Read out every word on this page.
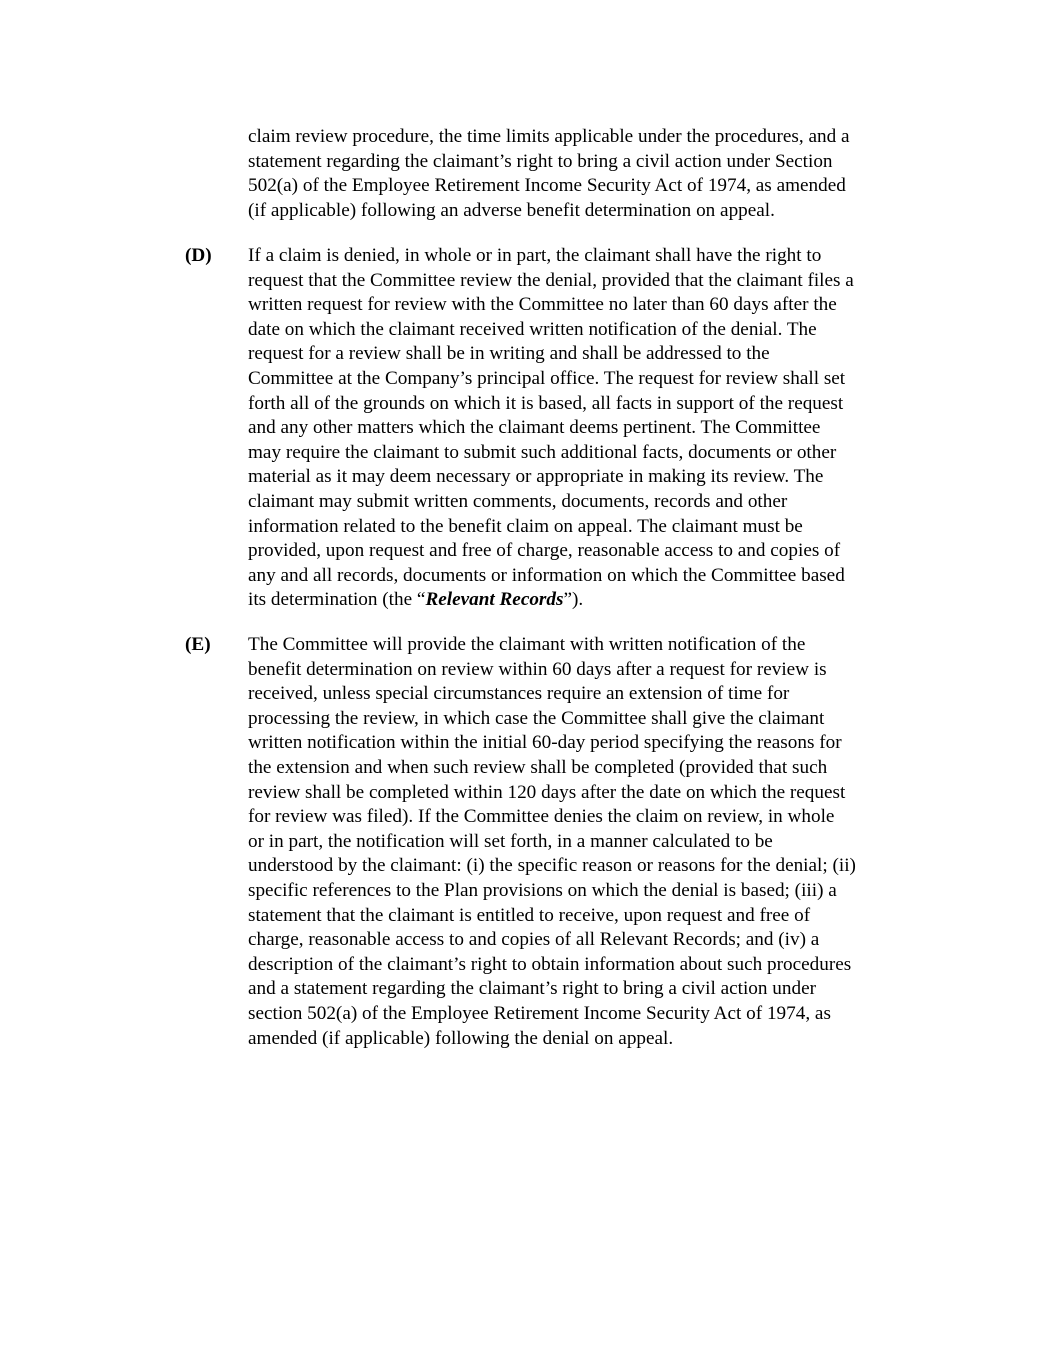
claim review procedure, the time limits applicable under the procedures, and a
statement regarding the claimant’s right to bring a civil action under Section
502(a) of the Employee Retirement Income Security Act of 1974, as amended
(if applicable) following an adverse benefit determination on appeal.
(D) If a claim is denied, in whole or in part, the claimant shall have the right to
request that the Committee review the denial, provided that the claimant files a
written request for review with the Committee no later than 60 days after the
date on which the claimant received written notification of the denial. The
request for a review shall be in writing and shall be addressed to the
Committee at the Company’s principal office. The request for review shall set
forth all of the grounds on which it is based, all facts in support of the request
and any other matters which the claimant deems pertinent. The Committee
may require the claimant to submit such additional facts, documents or other
material as it may deem necessary or appropriate in making its review. The
claimant may submit written comments, documents, records and other
information related to the benefit claim on appeal. The claimant must be
provided, upon request and free of charge, reasonable access to and copies of
any and all records, documents or information on which the Committee based
its determination (the “Relevant Records”).
(E) The Committee will provide the claimant with written notification of the
benefit determination on review within 60 days after a request for review is
received, unless special circumstances require an extension of time for
processing the review, in which case the Committee shall give the claimant
written notification within the initial 60-day period specifying the reasons for
the extension and when such review shall be completed (provided that such
review shall be completed within 120 days after the date on which the request
for review was filed). If the Committee denies the claim on review, in whole
or in part, the notification will set forth, in a manner calculated to be
understood by the claimant: (i) the specific reason or reasons for the denial; (ii)
specific references to the Plan provisions on which the denial is based; (iii) a
statement that the claimant is entitled to receive, upon request and free of
charge, reasonable access to and copies of all Relevant Records; and (iv) a
description of the claimant’s right to obtain information about such procedures
and a statement regarding the claimant’s right to bring a civil action under
section 502(a) of the Employee Retirement Income Security Act of 1974, as
amended (if applicable) following the denial on appeal.
